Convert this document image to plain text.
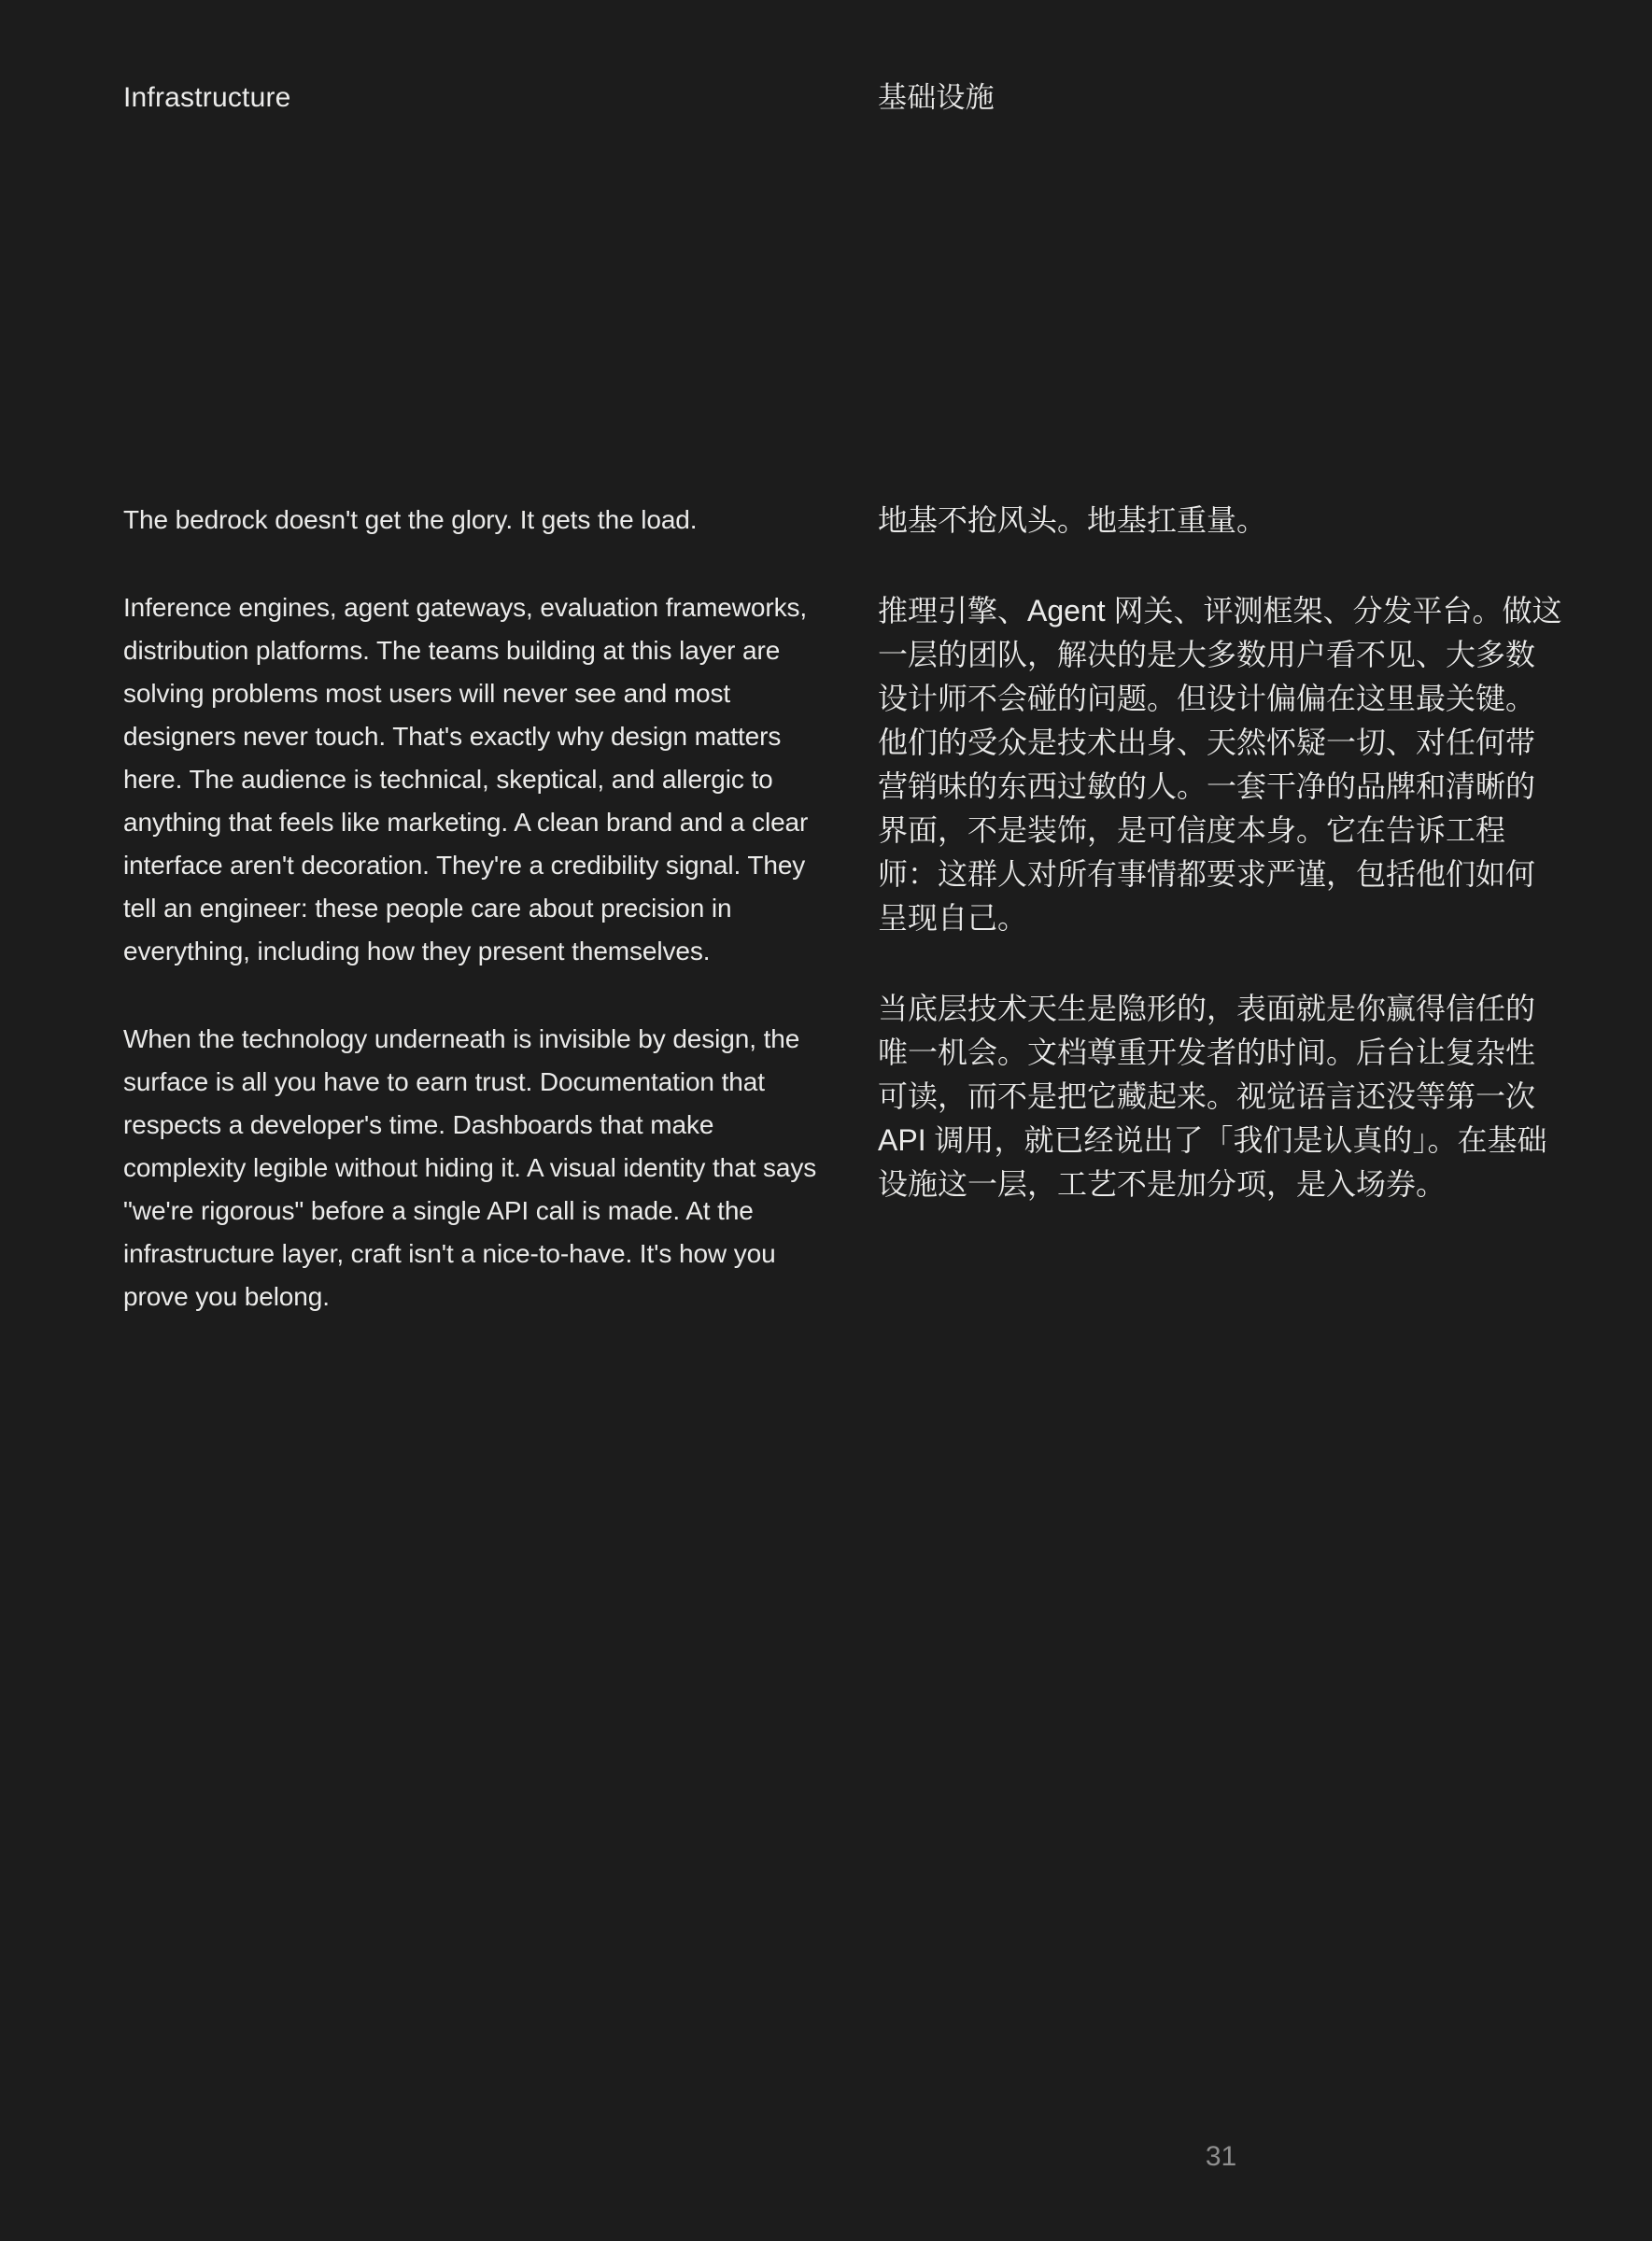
Infrastructure	基础设施

The bedrock doesn't get the glory. It gets the load.

Inference engines, agent gateways, evaluation frameworks, distribution platforms. The teams building at this layer are solving problems most users will never see and most designers never touch. That's exactly why design matters here. The audience is technical, skeptical, and allergic to anything that feels like marketing. A clean brand and a clear interface aren't decoration. They're a credibility signal. They tell an engineer: these people care about precision in everything, including how they present themselves.

When the technology underneath is invisible by design, the surface is all you have to earn trust. Documentation that respects a developer's time. Dashboards that make complexity legible without hiding it. A visual identity that says "we're rigorous" before a single API call is made. At the infrastructure layer, craft isn't a nice-to-have. It's how you prove you belong.

地基不抢风头。地基扛重量。

推理引擎、Agent 网关、评测框架、分发平台。做这一层的团队，解决的是大多数用户看不见、大多数设计师不会碰的问题。但设计偏偏在这里最关键。他们的受众是技术出身、天然怀疑一切、对任何带营销味的东西过敏的人。一套干净的品牌和清晰的界面，不是装饰，是可信度本身。它在告诉工程师：这群人对所有事情都要求严谨，包括他们如何呈现自己。

当底层技术天生是隐形的，表面就是你赢得信任的唯一机会。文档尊重开发者的时间。后台让复杂性可读，而不是把它藏起来。视觉语言还没等第一次 API 调用，就已经说出了「我们是认真的」。在基础设施这一层，工艺不是加分项，是入场券。

31
